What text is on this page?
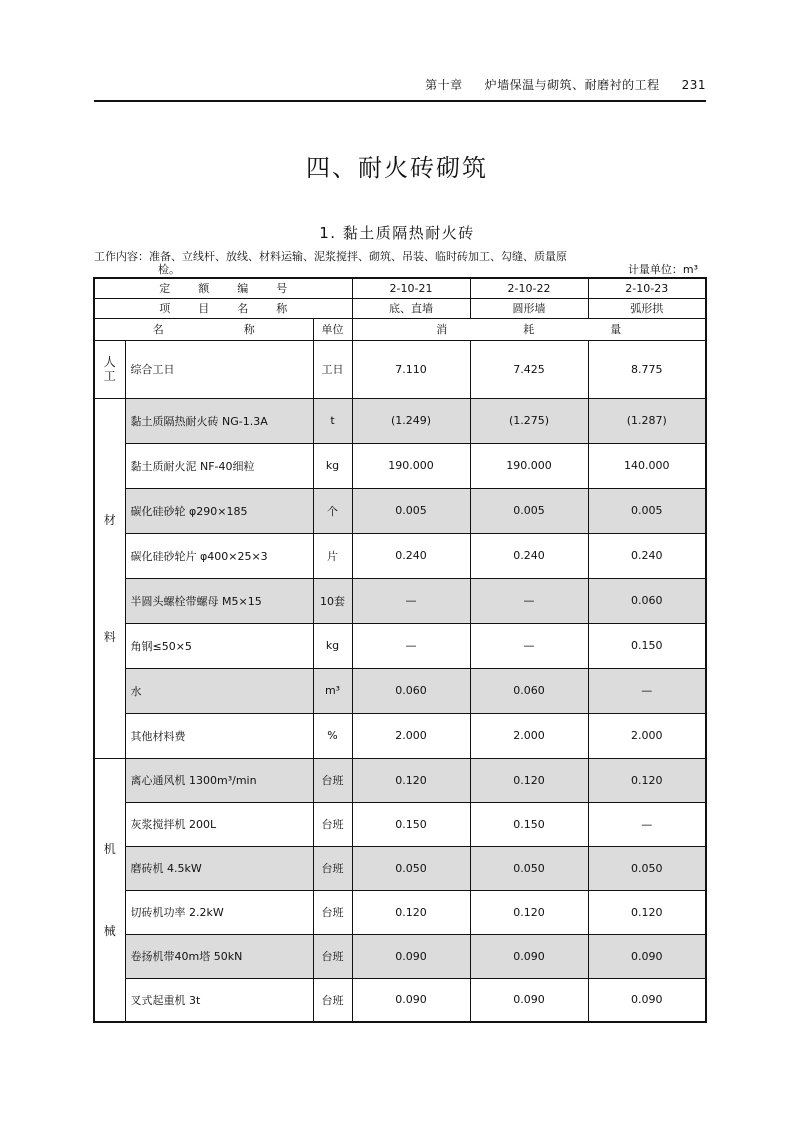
第十章 炉墙保温与砌筑、耐磨衬的工程 231
四、耐火砖砌筑
1. 黏土质隔热耐火砖
工作内容：准备、立线杆、放线、材料运输、泥浆搅拌、砌筑、吊装、临时砖加工、勾缝、质量原
检。	计量单位：m³
定 额 编 号			2-10-21	2-10-22	2-10-23
项 目 名 称			底、直墙	圆形墙	弧形拱
名 称		单位	消 耗 量		

人工	综合工日	工日	7.110	7.425	8.775

材
料	黏土质隔热耐火砖 NG-1.3A	t	(1.249)	(1.275)	(1.287)
	黏土质耐火泥 NF-40细粒	kg	190.000	190.000	140.000
	碳化硅砂轮 φ290×185	个	0.005	0.005	0.005
	碳化硅砂轮片 φ400×25×3	片	0.240	0.240	0.240
	半圆头螺栓带螺母 M5×15	10套	—	—	0.060
	角钢≤50×5	kg	—	—	0.150
	水	m³	0.060	0.060	—
	其他材料费	%	2.000	2.000	2.000

机
械	离心通风机 1300m³/min	台班	0.120	0.120	0.120
	灰浆搅拌机 200L	台班	0.150	0.150	—
	磨砖机 4.5kW	台班	0.050	0.050	0.050
	切砖机功率 2.2kW	台班	0.120	0.120	0.120
	卷扬机带40m塔 50kN	台班	0.090	0.090	0.090
	叉式起重机 3t	台班	0.090	0.090	0.090
